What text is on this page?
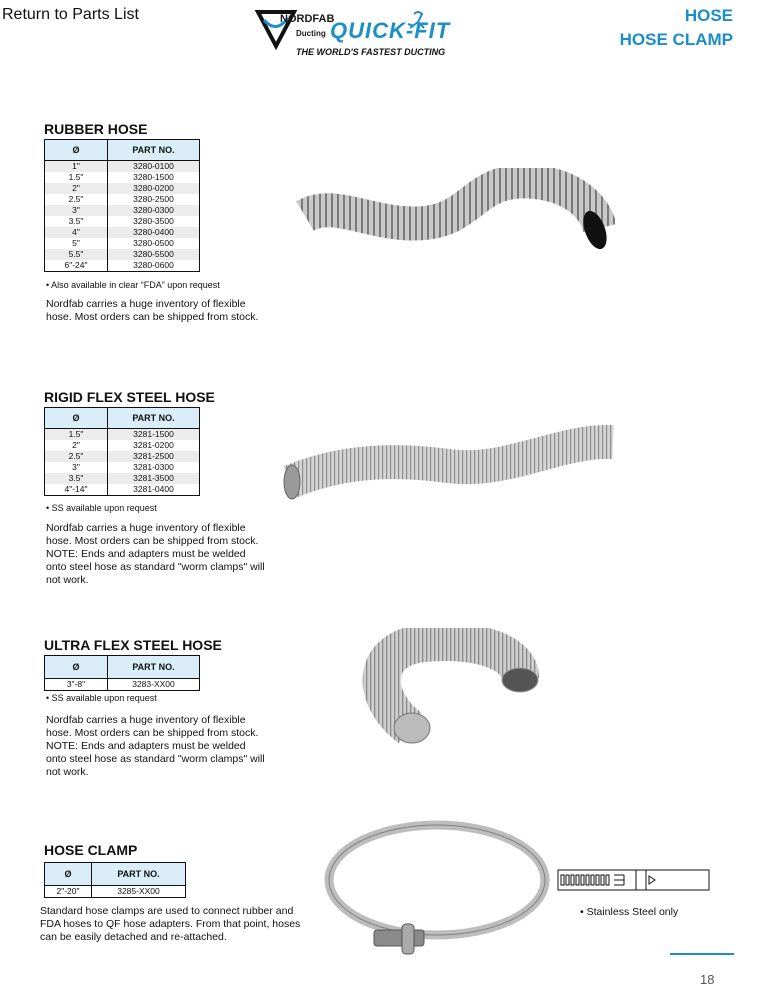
Return to Parts List	NORDFAB
Ducting QUICK-FIT
THE WORLD'S FASTEST DUCTING
HOSE
HOSE CLAMP
RUBBER HOSE
Ø	PART NO.
1"	3280-0100
1.5"	3280-1500
2"	3280-0200
2.5"	3280-2500
3"	3280-0300
3.5"	3280-3500
4"	3280-0400
5"	3280-0500
5.5"	3280-5500
6"-24"	3280-0600
• Also available in clear “FDA” upon request
Nordfab carries a huge inventory of flexible hose. Most orders can be shipped from stock.
RIGID FLEX STEEL HOSE
Ø	PART NO.
1.5"	3281-1500
2"	3281-0200
2.5"	3281-2500
3"	3281-0300
3.5"	3281-3500
4"-14"	3281-0400
• SS available upon request
Nordfab carries a huge inventory of flexible hose. Most orders can be shipped from stock. NOTE: Ends and adapters must be welded onto steel hose as standard "worm clamps" will not work.
ULTRA FLEX STEEL HOSE
Ø	PART NO.
3"-8"	3283-XX00
• SS available upon request
Nordfab carries a huge inventory of flexible hose. Most orders can be shipped from stock. NOTE: Ends and adapters must be welded onto steel hose as standard "worm clamps" will not work.
HOSE CLAMP
Ø	PART NO.
2"-20"	3285-XX00
Standard hose clamps are used to connect rubber and FDA hoses to QF hose adapters. From that point, hoses can be easily detached and re-attached.
• Stainless Steel only
18
